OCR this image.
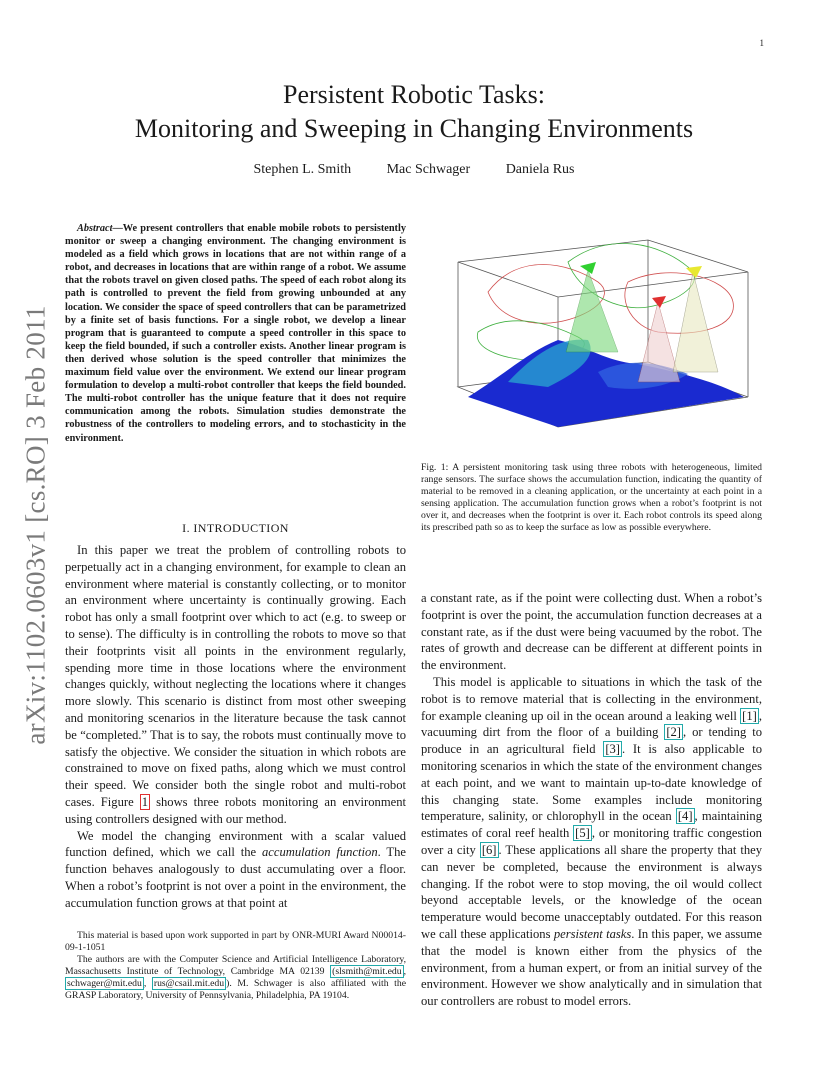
1
arXiv:1102.0603v1 [cs.RO] 3 Feb 2011
Persistent Robotic Tasks:
Monitoring and Sweeping in Changing Environments
Stephen L. Smith	Mac Schwager	Daniela Rus
Abstract—We present controllers that enable mobile robots to persistently monitor or sweep a changing environment. The changing environment is modeled as a field which grows in locations that are not within range of a robot, and decreases in locations that are within range of a robot. We assume that the robots travel on given closed paths. The speed of each robot along its path is controlled to prevent the field from growing unbounded at any location. We consider the space of speed controllers that can be parametrized by a finite set of basis functions. For a single robot, we develop a linear program that is guaranteed to compute a speed controller in this space to keep the field bounded, if such a controller exists. Another linear program is then derived whose solution is the speed controller that minimizes the maximum field value over the environment. We extend our linear program formulation to develop a multi-robot controller that keeps the field bounded. The multi-robot controller has the unique feature that it does not require communication among the robots. Simulation studies demonstrate the robustness of the controllers to modeling errors, and to stochasticity in the environment.
I. INTRODUCTION

In this paper we treat the problem of controlling robots to perpetually act in a changing environment, for example to clean an environment where material is constantly collecting, or to monitor an environment where uncertainty is continually growing. Each robot has only a small footprint over which to act (e.g. to sweep or to sense). The difficulty is in controlling the robots to move so that their footprints visit all points in the environment regularly, spending more time in those locations where the environment changes quickly, without neglecting the locations where it changes more slowly. This scenario is distinct from most other sweeping and monitoring scenarios in the literature because the task cannot be “completed.” That is to say, the robots must continually move to satisfy the objective. We consider the situation in which robots are constrained to move on fixed paths, along which we must control their speed. We consider both the single robot and multi-robot cases. Figure 1 shows three robots monitoring an environment using controllers designed with our method.

We model the changing environment with a scalar valued function defined, which we call the accumulation function. The function behaves analogously to dust accumulating over a floor. When a robot’s footprint is not over a point in the environment, the accumulation function grows at that point at

This material is based upon work supported in part by ONR-MURI Award N00014-09-1-1051

The authors are with the Computer Science and Artificial Intelligence Laboratory, Massachusetts Institute of Technology, Cambridge MA 02139 (slsmith@mit.edu , schwager@mit.edu , rus@csail.mit.edu ). M. Schwager is also affiliated with the GRASP Laboratory, University of Pennsylvania, Philadelphia, PA 19104.

Fig. 1: A persistent monitoring task using three robots with heterogeneous, limited range sensors. The surface shows the accumulation function, indicating the quantity of material to be removed in a cleaning application, or the uncertainty at each point in a sensing application. The accumulation function grows when a robot’s footprint is not over it, and decreases when the footprint is over it. Each robot controls its speed along its prescribed path so as to keep the surface as low as possible everywhere.

a constant rate, as if the point were collecting dust. When a robot’s footprint is over the point, the accumulation function decreases at a constant rate, as if the dust were being vacuumed by the robot. The rates of growth and decrease can be different at different points in the environment.

This model is applicable to situations in which the task of the robot is to remove material that is collecting in the environment, for example cleaning up oil in the ocean around a leaking well [1] , vacuuming dirt from the floor of a building [2] , or tending to produce in an agricultural field [3] . It is also applicable to monitoring scenarios in which the state of the environment changes at each point, and we want to maintain up-to-date knowledge of this changing state. Some examples include monitoring temperature, salinity, or chlorophyll in the ocean [4] , maintaining estimates of coral reef health [5] , or monitoring traffic congestion over a city [6] . These applications all share the property that they can never be completed, because the environment is always changing. If the robot were to stop moving, the oil would collect beyond acceptable levels, or the knowledge of the ocean temperature would become unacceptably outdated. For this reason we call these applications persistent tasks. In this paper, we assume that the model is known either from the physics of the environment, from a human expert, or from an initial survey of the environment. However we show analytically and in simulation that our controllers are robust to model errors.
